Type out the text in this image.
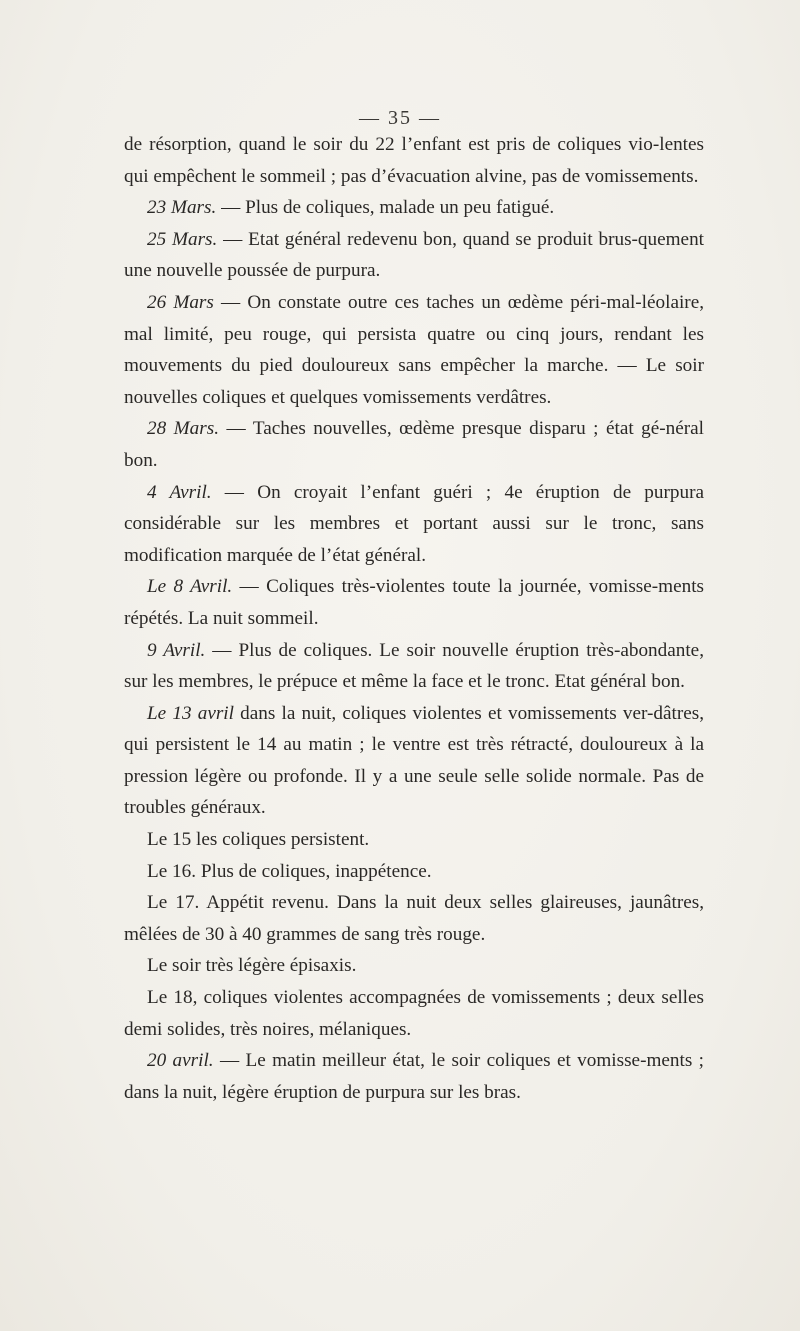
— 35 —

de résorption, quand le soir du 22 l’enfant est pris de coliques vio-lentes qui empêchent le sommeil ; pas d’évacuation alvine, pas de vomissements.

23 Mars. — Plus de coliques, malade un peu fatigué.

25 Mars. — Etat général redevenu bon, quand se produit brus-quement une nouvelle poussée de purpura.

26 Mars — On constate outre ces taches un œdème péri-mal-léolaire, mal limité, peu rouge, qui persista quatre ou cinq jours, rendant les mouvements du pied douloureux sans empêcher la marche. — Le soir nouvelles coliques et quelques vomissements verdâtres.

28 Mars. — Taches nouvelles, œdème presque disparu ; état gé-néral bon.

4 Avril. — On croyait l’enfant guéri ; 4e éruption de purpura considérable sur les membres et portant aussi sur le tronc, sans modification marquée de l’état général.

Le 8 Avril. — Coliques très-violentes toute la journée, vomisse-ments répétés. La nuit sommeil.

9 Avril. — Plus de coliques. Le soir nouvelle éruption très-abondante, sur les membres, le prépuce et même la face et le tronc. Etat général bon.

Le 13 avril dans la nuit, coliques violentes et vomissements ver-dâtres, qui persistent le 14 au matin ; le ventre est très rétracté, douloureux à la pression légère ou profonde. Il y a une seule selle solide normale. Pas de troubles généraux.

Le 15 les coliques persistent.

Le 16. Plus de coliques, inappétence.

Le 17. Appétit revenu. Dans la nuit deux selles glaireuses, jaunâtres, mêlées de 30 à 40 grammes de sang très rouge.

Le soir très légère épisaxis.

Le 18, coliques violentes accompagnées de vomissements ; deux selles demi solides, très noires, mélaniques.

20 avril. — Le matin meilleur état, le soir coliques et vomisse-ments ; dans la nuit, légère éruption de purpura sur les bras.
